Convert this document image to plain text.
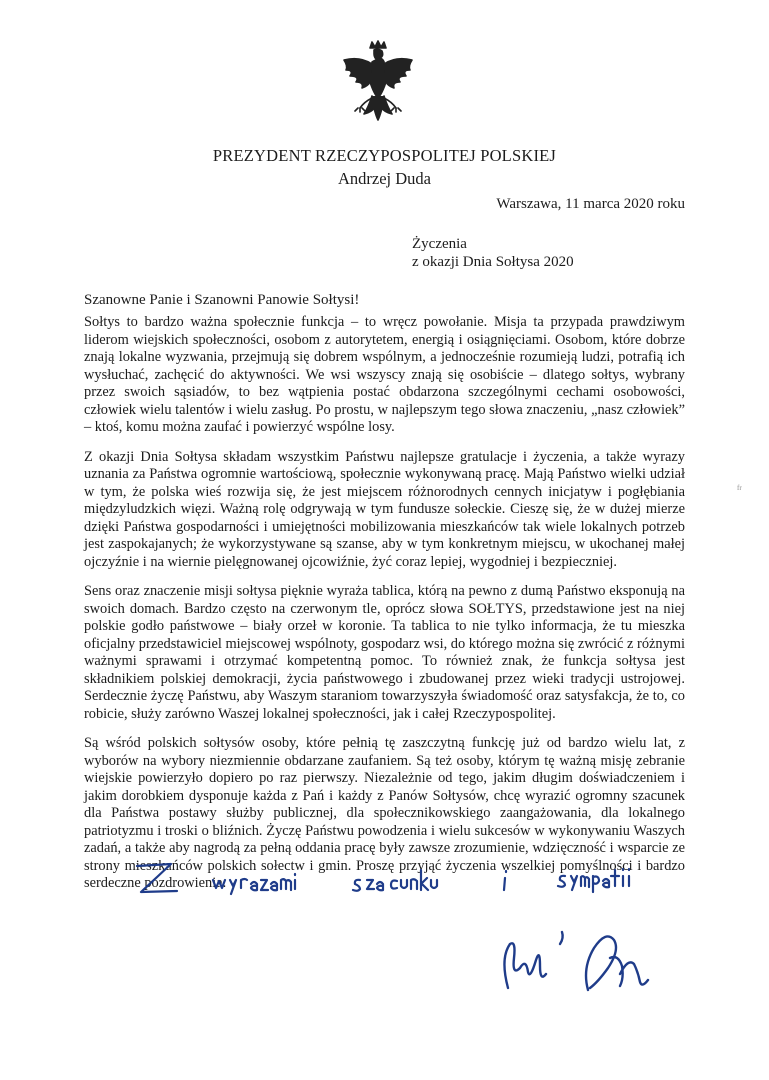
PREZYDENT RZECZYPOSPOLITEJ POLSKIEJ
Andrzej Duda
Warszawa, 11 marca 2020 roku
Życzenia
z okazji Dnia Sołtysa 2020
Szanowne Panie i Szanowni Panowie Sołtysi!

Sołtys to bardzo ważna społecznie funkcja – to wręcz powołanie. Misja ta przypada prawdziwym liderom wiejskich społeczności, osobom z autorytetem, energią i osiągnięciami. Osobom, które dobrze znają lokalne wyzwania, przejmują się dobrem wspólnym, a jednocześnie rozumieją ludzi, potrafią ich wysłuchać, zachęcić do aktywności. We wsi wszyscy znają się osobiście – dlatego sołtys, wybrany przez swoich sąsiadów, to bez wątpienia postać obdarzona szczególnymi cechami osobowości, człowiek wielu talentów i wielu zasług. Po prostu, w najlepszym tego słowa znaczeniu, „nasz człowiek” – ktoś, komu można zaufać i powierzyć wspólne losy.

Z okazji Dnia Sołtysa składam wszystkim Państwu najlepsze gratulacje i życzenia, a także wyrazy uznania za Państwa ogromnie wartościową, społecznie wykonywaną pracę. Mają Państwo wielki udział w tym, że polska wieś rozwija się, że jest miejscem różnorodnych cennych inicjatyw i pogłębiania międzyludzkich więzi. Ważną rolę odgrywają w tym fundusze sołeckie. Cieszę się, że w dużej mierze dzięki Państwa gospodarności i umiejętności mobilizowania mieszkańców tak wiele lokalnych potrzeb jest zaspokajanych; że wykorzystywane są szanse, aby w tym konkretnym miejscu, w ukochanej małej ojczyźnie i na wiernie pielęgnowanej ojcowiźnie, żyć coraz lepiej, wygodniej i bezpieczniej.

Sens oraz znaczenie misji sołtysa pięknie wyraża tablica, którą na pewno z dumą Państwo eksponują na swoich domach. Bardzo często na czerwonym tle, oprócz słowa SOŁTYS, przedstawione jest na niej polskie godło państwowe – biały orzeł w koronie. Ta tablica to nie tylko informacja, że tu mieszka oficjalny przedstawiciel miejscowej wspólnoty, gospodarz wsi, do którego można się zwrócić z różnymi ważnymi sprawami i otrzymać kompetentną pomoc. To również znak, że funkcja sołtysa jest składnikiem polskiej demokracji, życia państwowego i zbudowanej przez wieki tradycji ustrojowej. Serdecznie życzę Państwu, aby Waszym staraniom towarzyszyła świadomość oraz satysfakcja, że to, co robicie, służy zarówno Waszej lokalnej społeczności, jak i całej Rzeczypospolitej.

Są wśród polskich sołtysów osoby, które pełnią tę zaszczytną funkcję już od bardzo wielu lat, z wyborów na wybory niezmiennie obdarzane zaufaniem. Są też osoby, którym tę ważną misję zebranie wiejskie powierzyło dopiero po raz pierwszy. Niezależnie od tego, jakim długim doświadczeniem i jakim dorobkiem dysponuje każda z Pań i każdy z Panów Sołtysów, chcę wyrazić ogromny szacunek dla Państwa postawy służby publicznej, dla społecznikowskiego zaangażowania, dla lokalnego patriotyzmu i troski o bliźnich. Życzę Państwu powodzenia i wielu sukcesów w wykonywaniu Waszych zadań, a także aby nagrodą za pełną oddania pracę były zawsze zrozumienie, wdzięczność i wsparcie ze strony mieszkańców polskich sołectw i gmin. Proszę przyjąć życzenia wszelkiej pomyślności i bardzo serdeczne pozdrowienia.

fr
